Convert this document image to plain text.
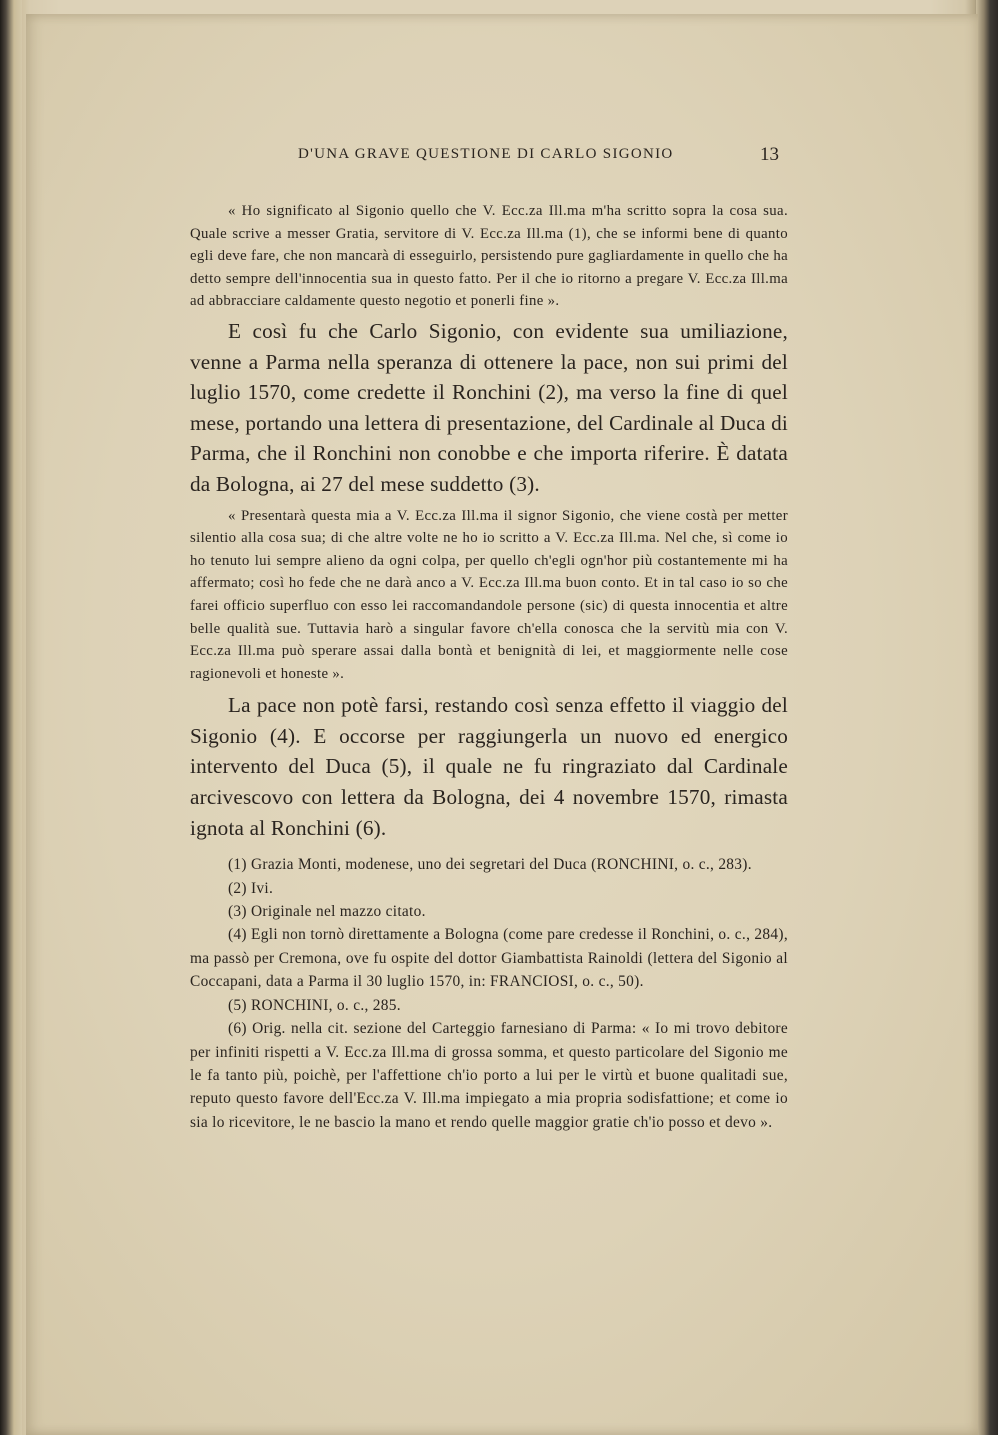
D'UNA GRAVE QUESTIONE DI CARLO SIGONIO	13

« Ho significato al Sigonio quello che V. Ecc.za Ill.ma m'ha scritto sopra la cosa sua. Quale scrive a messer Gratia, servitore di V. Ecc.za Ill.ma (1), che se informi bene di quanto egli deve fare, che non mancarà di esseguirlo, persistendo pure gagliardamente in quello che ha detto sempre dell'innocentia sua in questo fatto. Per il che io ritorno a pregare V. Ecc.za Ill.ma ad abbracciare caldamente questo negotio et ponerli fine ».

E così fu che Carlo Sigonio, con evidente sua umiliazione, venne a Parma nella speranza di ottenere la pace, non sui primi del luglio 1570, come credette il Ronchini (2), ma verso la fine di quel mese, portando una lettera di presentazione, del Cardinale al Duca di Parma, che il Ronchini non conobbe e che importa riferire. È datata da Bologna, ai 27 del mese suddetto (3).

« Presentarà questa mia a V. Ecc.za Ill.ma il signor Sigonio, che viene costà per metter silentio alla cosa sua; di che altre volte ne ho io scritto a V. Ecc.za Ill.ma. Nel che, sì come io ho tenuto lui sempre alieno da ogni colpa, per quello ch'egli ogn'hor più costantemente mi ha affermato; così ho fede che ne darà anco a V. Ecc.za Ill.ma buon conto. Et in tal caso io so che farei officio superfluo con esso lei raccomandandole persone (sic) di questa innocentia et altre belle qualità sue. Tuttavia harò a singular favore ch'ella conosca che la servitù mia con V. Ecc.za Ill.ma può sperare assai dalla bontà et benignità di lei, et maggiormente nelle cose ragionevoli et honeste ».

La pace non potè farsi, restando così senza effetto il viaggio del Sigonio (4). E occorse per raggiungerla un nuovo ed energico intervento del Duca (5), il quale ne fu ringraziato dal Cardinale arcivescovo con lettera da Bologna, dei 4 novembre 1570, rimasta ignota al Ronchini (6).

(1) Grazia Monti, modenese, uno dei segretari del Duca (RONCHINI, o. c., 283).

(2) Ivi.

(3) Originale nel mazzo citato.

(4) Egli non tornò direttamente a Bologna (come pare credesse il Ronchini, o. c., 284), ma passò per Cremona, ove fu ospite del dottor Giambattista Rainoldi (lettera del Sigonio al Coccapani, data a Parma il 30 luglio 1570, in: FRANCIOSI, o. c., 50).

(5) RONCHINI, o. c., 285.

(6) Orig. nella cit. sezione del Carteggio farnesiano di Parma: « Io mi trovo debitore per infiniti rispetti a V. Ecc.za Ill.ma di grossa somma, et questo particolare del Sigonio me le fa tanto più, poichè, per l'affettione ch'io porto a lui per le virtù et buone qualitadi sue, reputo questo favore dell'Ecc.za V. Ill.ma impiegato a mia propria sodisfattione; et come io sia lo ricevitore, le ne bascio la mano et rendo quelle maggior gratie ch'io posso et devo ».
